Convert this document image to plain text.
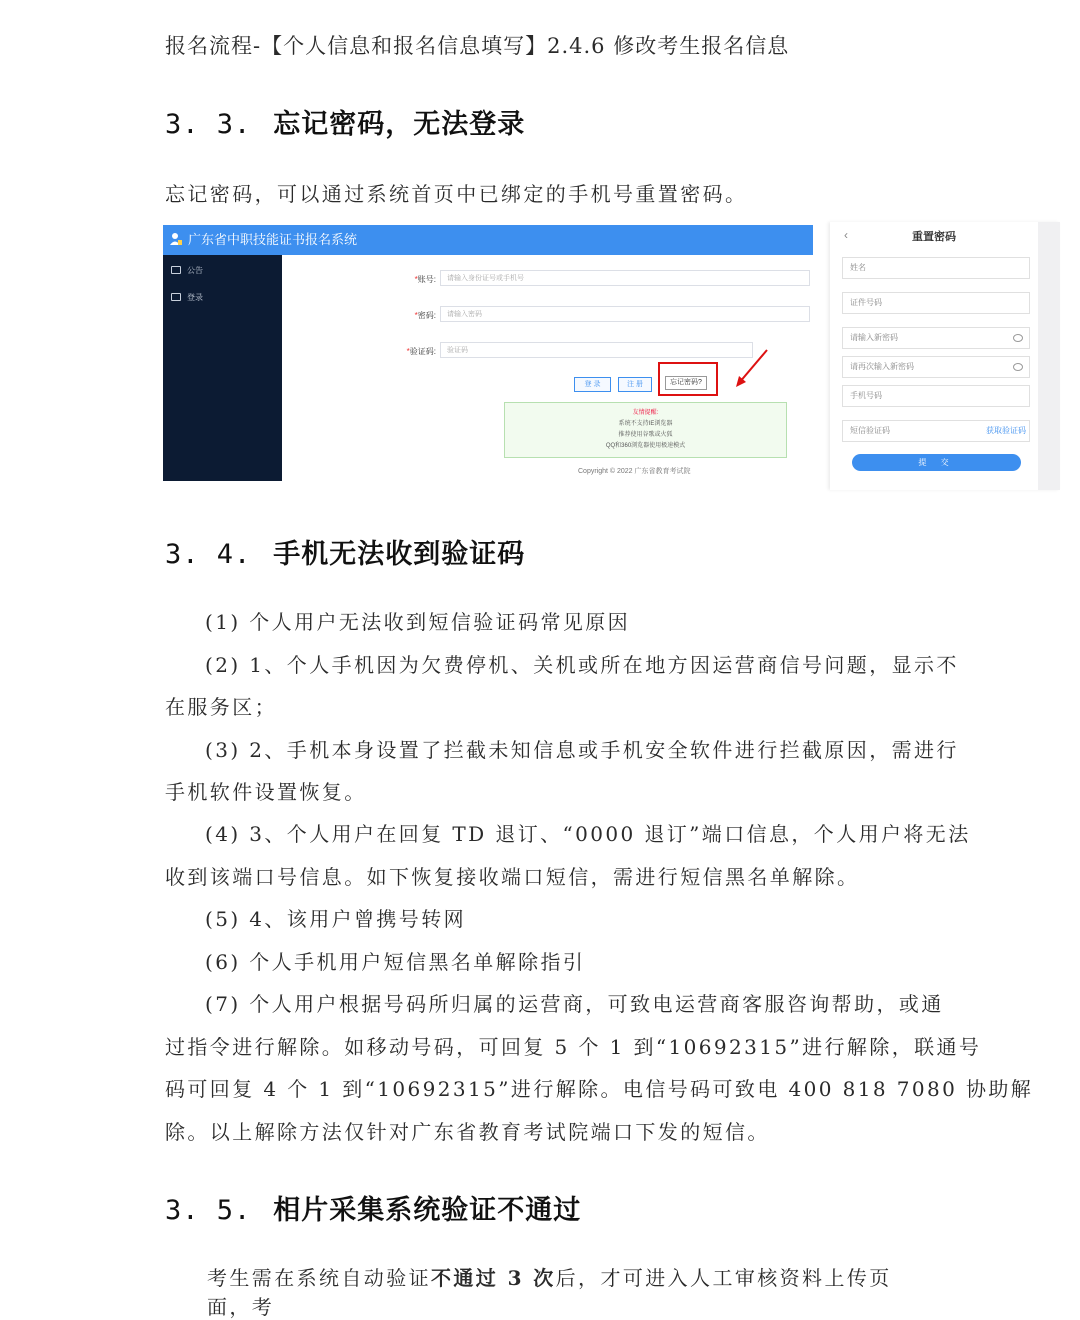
报名流程-【个人信息和报名信息填写】2.4.6 修改考生报名信息
3. 3. 忘记密码，无法登录
忘记密码，可以通过系统首页中已绑定的手机号重置密码。
广东省中职技能证书报名系统
公告
登录
*账号:	请输入身份证号或手机号
*密码:	请输入密码
*验证码:	验证码
登 录	注 册	忘记密码?
友情提醒:
系统不支持IE浏览器
推荐使用谷歌或火狐
QQ和360浏览器使用极速模式
Copyright © 2022 广东省教育考试院
‹	重置密码
姓名
证件号码
请输入新密码
请再次输入新密码
手机号码
短信验证码	获取验证码
提 交
3. 4. 手机无法收到验证码
(1) 个人用户无法收到短信验证码常见原因
(2) 1、个人手机因为欠费停机、关机或所在地方因运营商信号问题，显示不
在服务区；
(3) 2、手机本身设置了拦截未知信息或手机安全软件进行拦截原因，需进行
手机软件设置恢复。
(4) 3、个人用户在回复 TD 退订、“0000 退订”端口信息，个人用户将无法
收到该端口号信息。如下恢复接收端口短信，需进行短信黑名单解除。
(5) 4、该用户曾携号转网
(6) 个人手机用户短信黑名单解除指引
(7) 个人用户根据号码所归属的运营商，可致电运营商客服咨询帮助，或通
过指令进行解除。如移动号码，可回复 5 个 1 到“10692315”进行解除，联通号
码可回复 4 个 1 到“10692315”进行解除。电信号码可致电 400 818 7080 协助解
除。以上解除方法仅针对广东省教育考试院端口下发的短信。
3. 5. 相片采集系统验证不通过
考生需在系统自动验证不通过 3 次后，才可进入人工审核资料上传页面，考
